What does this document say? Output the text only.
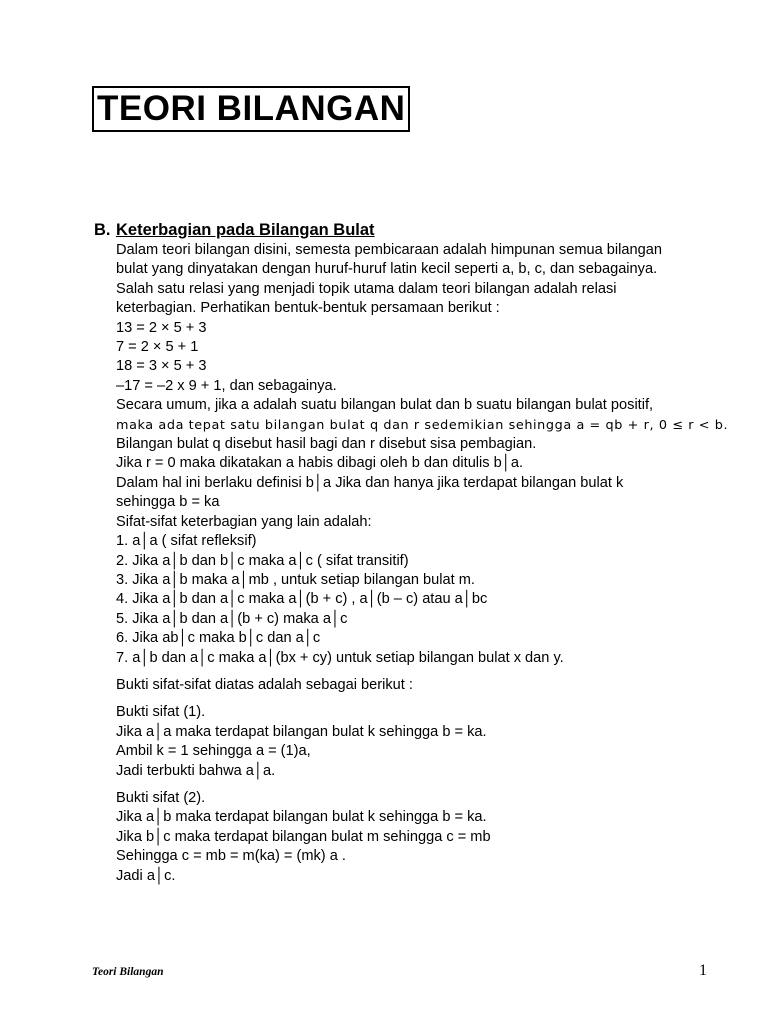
TEORI BILANGAN
B. Keterbagian pada Bilangan Bulat
Dalam teori bilangan disini, semesta pembicaraan adalah himpunan semua bilangan
bulat yang dinyatakan dengan huruf-huruf latin kecil seperti a, b, c, dan sebagainya.
Salah satu relasi yang menjadi topik utama dalam teori bilangan adalah relasi
keterbagian. Perhatikan bentuk-bentuk persamaan berikut :
13 = 2 × 5 + 3
7 = 2 × 5 + 1
18 = 3 × 5 + 3
–17 = –2 x 9 + 1, dan sebagainya.
Secara umum, jika a adalah suatu bilangan bulat dan b suatu bilangan bulat positif,
maka ada tepat satu bilangan bulat q dan r sedemikian sehingga a = qb + r, 0 ≤ r < b.
Bilangan bulat q disebut hasil bagi dan r disebut sisa pembagian.
Jika r = 0 maka dikatakan a habis dibagi oleh b dan ditulis b│a.
Dalam hal ini berlaku definisi b│a Jika dan hanya jika terdapat bilangan bulat k
sehingga b = ka
Sifat-sifat keterbagian yang lain adalah:
1. a│a ( sifat refleksif)
2. Jika a│b dan b│c maka a│c ( sifat transitif)
3. Jika a│b maka a│mb , untuk setiap bilangan bulat m.
4. Jika a│b dan a│c maka a│(b + c) , a│(b – c) atau a│bc
5. Jika a│b dan a│(b + c) maka a│c
6. Jika ab│c maka b│c dan a│c
7. a│b dan a│c maka a│(bx + cy) untuk setiap bilangan bulat x dan y.
Bukti sifat-sifat diatas adalah sebagai berikut :
Bukti sifat (1).
Jika a│a maka terdapat bilangan bulat k sehingga b = ka.
Ambil k = 1 sehingga a = (1)a,
Jadi terbukti bahwa a│a.
Bukti sifat (2).
Jika a│b maka terdapat bilangan bulat k sehingga b = ka.
Jika b│c maka terdapat bilangan bulat m sehingga c = mb
Sehingga c = mb = m(ka) = (mk) a .
Jadi a│c.
Teori Bilangan	1
